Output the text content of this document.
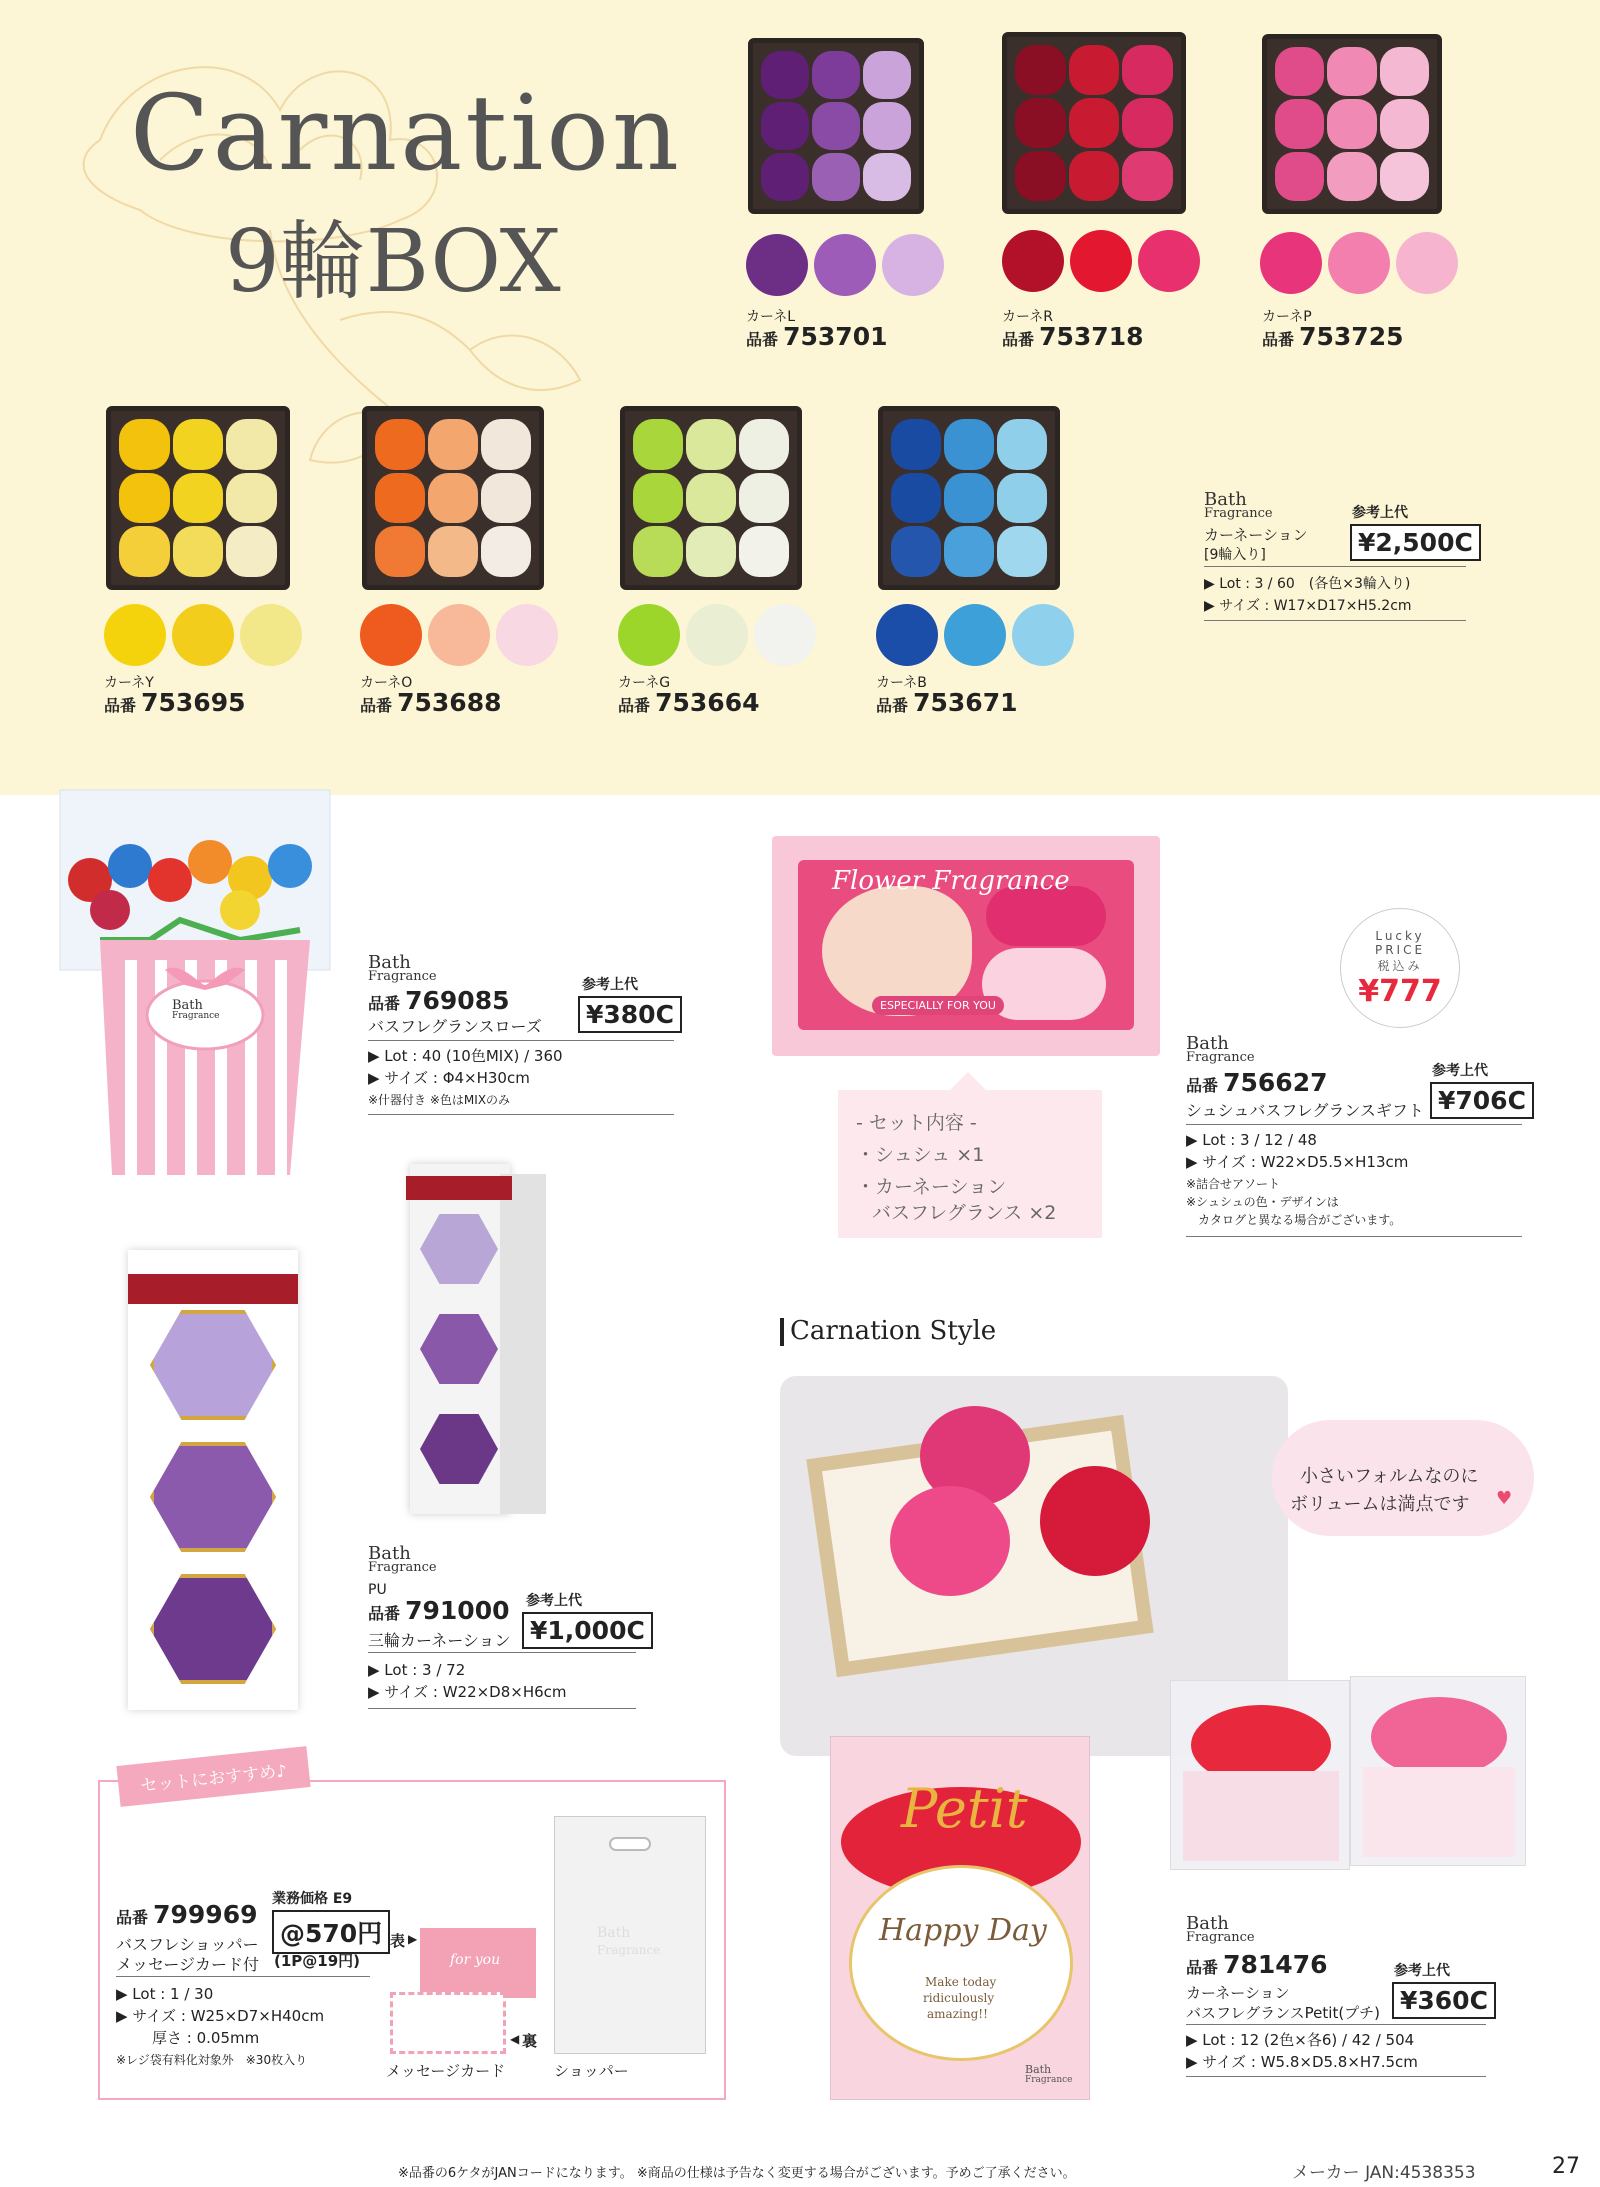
Carnation
9輪BOX
カーネL
品番 753701
カーネR
品番 753718
カーネP
品番 753725
カーネY
品番 753695
カーネO
品番 753688
カーネG
品番 753664
カーネB
品番 753671
Bath
Fragrance
カーネーション
[9輪入り]
参考上代
¥2,500C
▶ Lot : 3 / 60　(各色×3輪入り)
▶ サイズ : W17×D17×H5.2cm
Bath
Fragrance
Bath
Fragrance
品番 769085
バスフレグランスローズ
参考上代
¥380C
▶ Lot : 40 (10色MIX) / 360
▶ サイズ : Φ4×H30cm
※什器付き ※色はMIXのみ
Flower Fragrance
ESPECIALLY FOR YOU
- セット内容 -
・シュシュ ×1
・カーネーション
バスフレグランス ×2
Lucky
PRICE
税込み
¥777
Bath
Fragrance
品番 756627
シュシュバスフレグランスギフト
参考上代
¥706C
▶ Lot : 3 / 12 / 48
▶ サイズ : W22×D5.5×H13cm
※詰合せアソート
※シュシュの色・デザインは
カタログと異なる場合がございます。
Bath
Fragrance
PU
品番 791000
三輪カーネーション
参考上代
¥1,000C
▶ Lot : 3 / 72
▶ サイズ : W22×D8×H6cm
セットにおすすめ♪
品番 799969
バスフレショッパー
メッセージカード付
業務価格 E9
@570円
(1P@19円)
▶ Lot : 1 / 30
▶ サイズ : W25×D7×H40cm
厚さ : 0.05mm
※レジ袋有料化対象外　※30枚入り
表 ▶
for you
◀ 裏
メッセージカード
Bath
Fragrance
ショッパー
Carnation Style
小さいフォルムなのに
ボリュームは満点です ♥
Petit
Happy Day
Make today
ridiculously
amazing!!
Bath
Fragrance
Bath
Fragrance
品番 781476
カーネーション
バスフレグランスPetit(プチ)
参考上代
¥360C
▶ Lot : 12 (2色×各6) / 42 / 504
▶ サイズ : W5.8×D5.8×H7.5cm
※品番の6ケタがJANコードになります。 ※商品の仕様は予告なく変更する場合がございます。予めご了承ください。	メーカー JAN:4538353	27
